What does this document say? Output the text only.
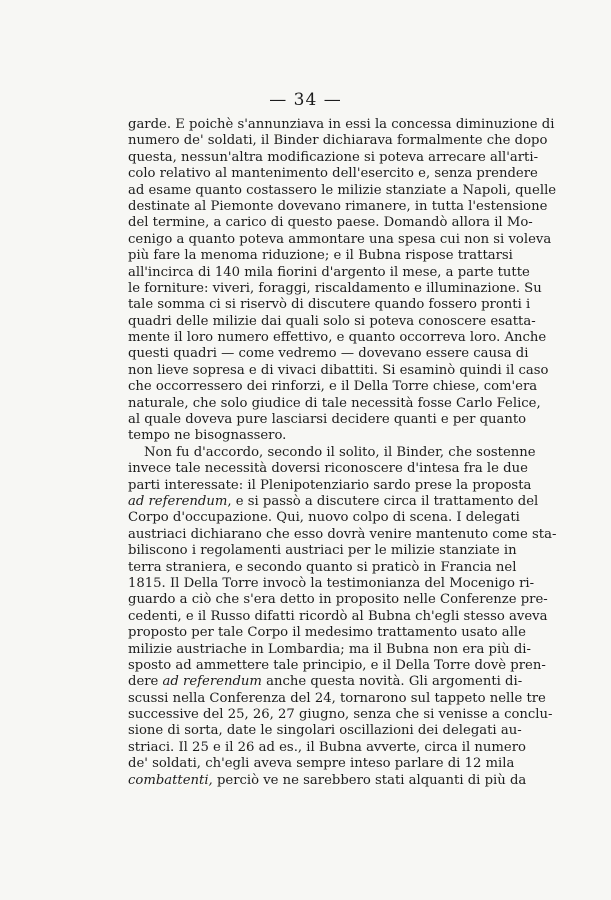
— 34 —
garde. E poichè s'annunziava in essi la concessa diminuzione di
numero de' soldati, il Binder dichiarava formalmente che dopo
questa, nessun'altra modificazione si poteva arrecare all'arti-
colo relativo al mantenimento dell'esercito e, senza prendere
ad esame quanto costassero le milizie stanziate a Napoli, quelle
destinate al Piemonte dovevano rimanere, in tutta l'estensione
del termine, a carico di questo paese. Domandò allora il Mo-
cenigo a quanto poteva ammontare una spesa cui non si voleva
più fare la menoma riduzione; e il Bubna rispose trattarsi
all'incirca di 140 mila fiorini d'argento il mese, a parte tutte
le forniture: viveri, foraggi, riscaldamento e illuminazione. Su
tale somma ci si riservò di discutere quando fossero pronti i
quadri delle milizie dai quali solo si poteva conoscere esatta-
mente il loro numero effettivo, e quanto occorreva loro. Anche
questi quadri — come vedremo — dovevano essere causa di
non lieve sopresa e di vivaci dibattiti. Si esaminò quindi il caso
che occorressero dei rinforzi, e il Della Torre chiese, com'era
naturale, che solo giudice di tale necessità fosse Carlo Felice,
al quale doveva pure lasciarsi decidere quanti e per quanto
tempo ne bisognassero.
Non fu d'accordo, secondo il solito, il Binder, che sostenne
invece tale necessità doversi riconoscere d'intesa fra le due
parti interessate: il Plenipotenziario sardo prese la proposta
ad referendum, e si passò a discutere circa il trattamento del
Corpo d'occupazione. Qui, nuovo colpo di scena. I delegati
austriaci dichiarano che esso dovrà venire mantenuto come sta-
biliscono i regolamenti austriaci per le milizie stanziate in
terra straniera, e secondo quanto si praticò in Francia nel
1815. Il Della Torre invocò la testimonianza del Mocenigo ri-
guardo a ciò che s'era detto in proposito nelle Conferenze pre-
cedenti, e il Russo difatti ricordò al Bubna ch'egli stesso aveva
proposto per tale Corpo il medesimo trattamento usato alle
milizie austriache in Lombardia; ma il Bubna non era più di-
sposto ad ammettere tale principio, e il Della Torre dovè pren-
dere ad referendum anche questa novità. Gli argomenti di-
scussi nella Conferenza del 24, tornarono sul tappeto nelle tre
successive del 25, 26, 27 giugno, senza che si venisse a conclu-
sione di sorta, date le singolari oscillazioni dei delegati au-
striaci. Il 25 e il 26 ad es., il Bubna avverte, circa il numero
de' soldati, ch'egli aveva sempre inteso parlare di 12 mila
combattenti, perciò ve ne sarebbero stati alquanti di più da
